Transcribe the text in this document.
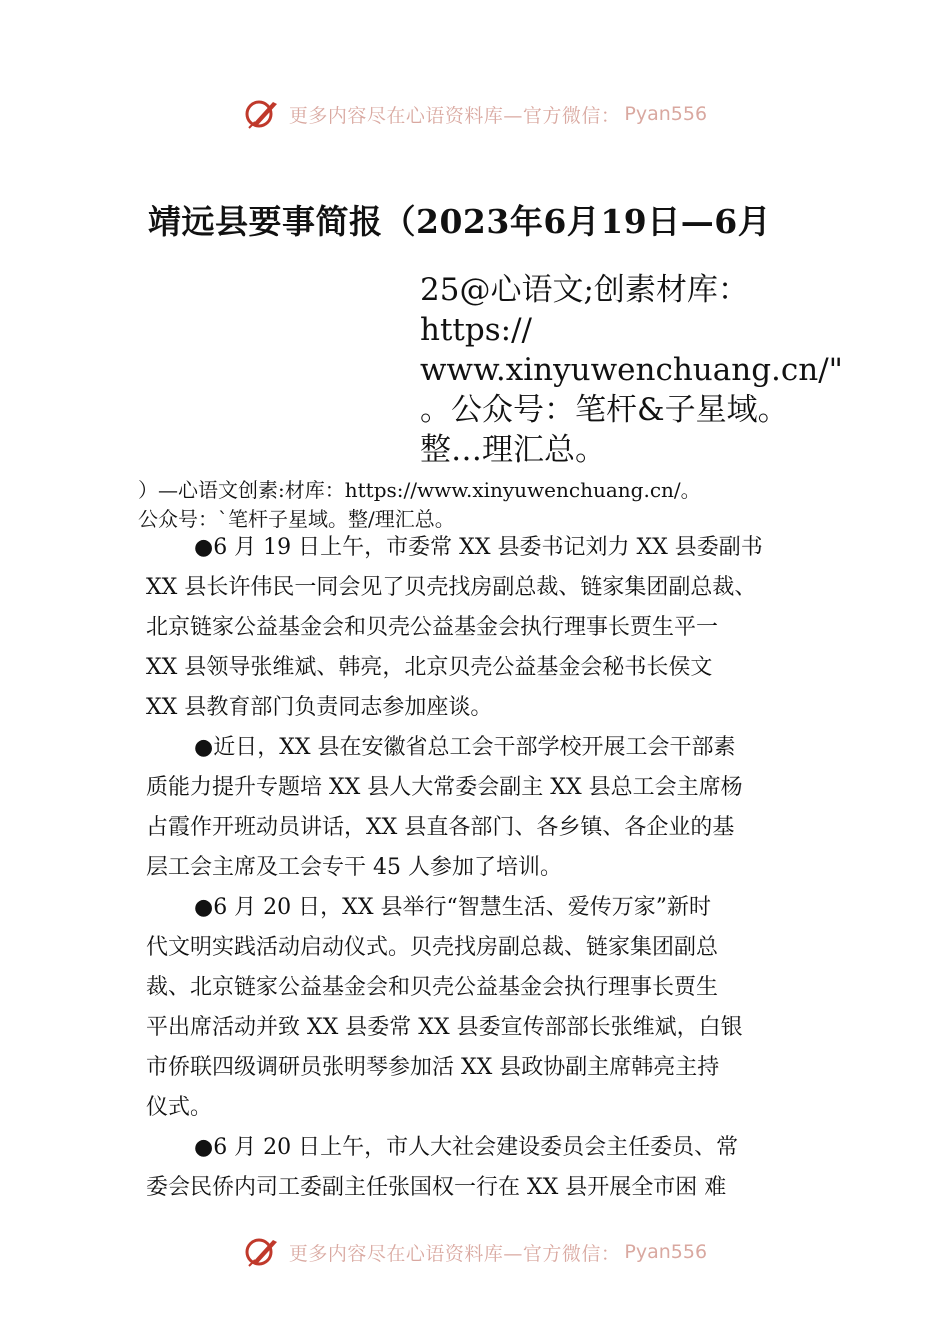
更多内容尽在心语资料库—官方微信： Pyan556
靖远县要事简报（2023年6月19日—6月
25@心语文;创素材库：
https://
www.xinyuwenchuang.cn/"
。公众号：笔杆&子星域。
整…理汇总。
）—心语文创素:材库：https://www.xinyuwenchuang.cn/。
公众号：`笔杆子星域。整/理汇总。
●6 月 19 日上午，市委常 XX 县委书记刘力 XX 县委副书
XX 县长许伟民一同会见了贝壳找房副总裁、链家集团副总裁、
北京链家公益基金会和贝壳公益基金会执行理事长贾生平一
XX 县领导张维斌、韩亮，北京贝壳公益基金会秘书长侯文
XX 县教育部门负责同志参加座谈。
●近日，XX 县在安徽省总工会干部学校开展工会干部素
质能力提升专题培 XX 县人大常委会副主 XX 县总工会主席杨
占霞作开班动员讲话，XX 县直各部门、各乡镇、各企业的基
层工会主席及工会专干 45 人参加了培训。
●6 月 20 日，XX 县举行“智慧生活、爱传万家”新时
代文明实践活动启动仪式。贝壳找房副总裁、链家集团副总
裁、北京链家公益基金会和贝壳公益基金会执行理事长贾生
平出席活动并致 XX 县委常 XX 县委宣传部部长张维斌，白银
市侨联四级调研员张明琴参加活 XX 县政协副主席韩亮主持
仪式。
●6 月 20 日上午，市人大社会建设委员会主任委员、常
委会民侨内司工委副主任张国权一行在 XX 县开展全市困 难
更多内容尽在心语资料库—官方微信： Pyan556
